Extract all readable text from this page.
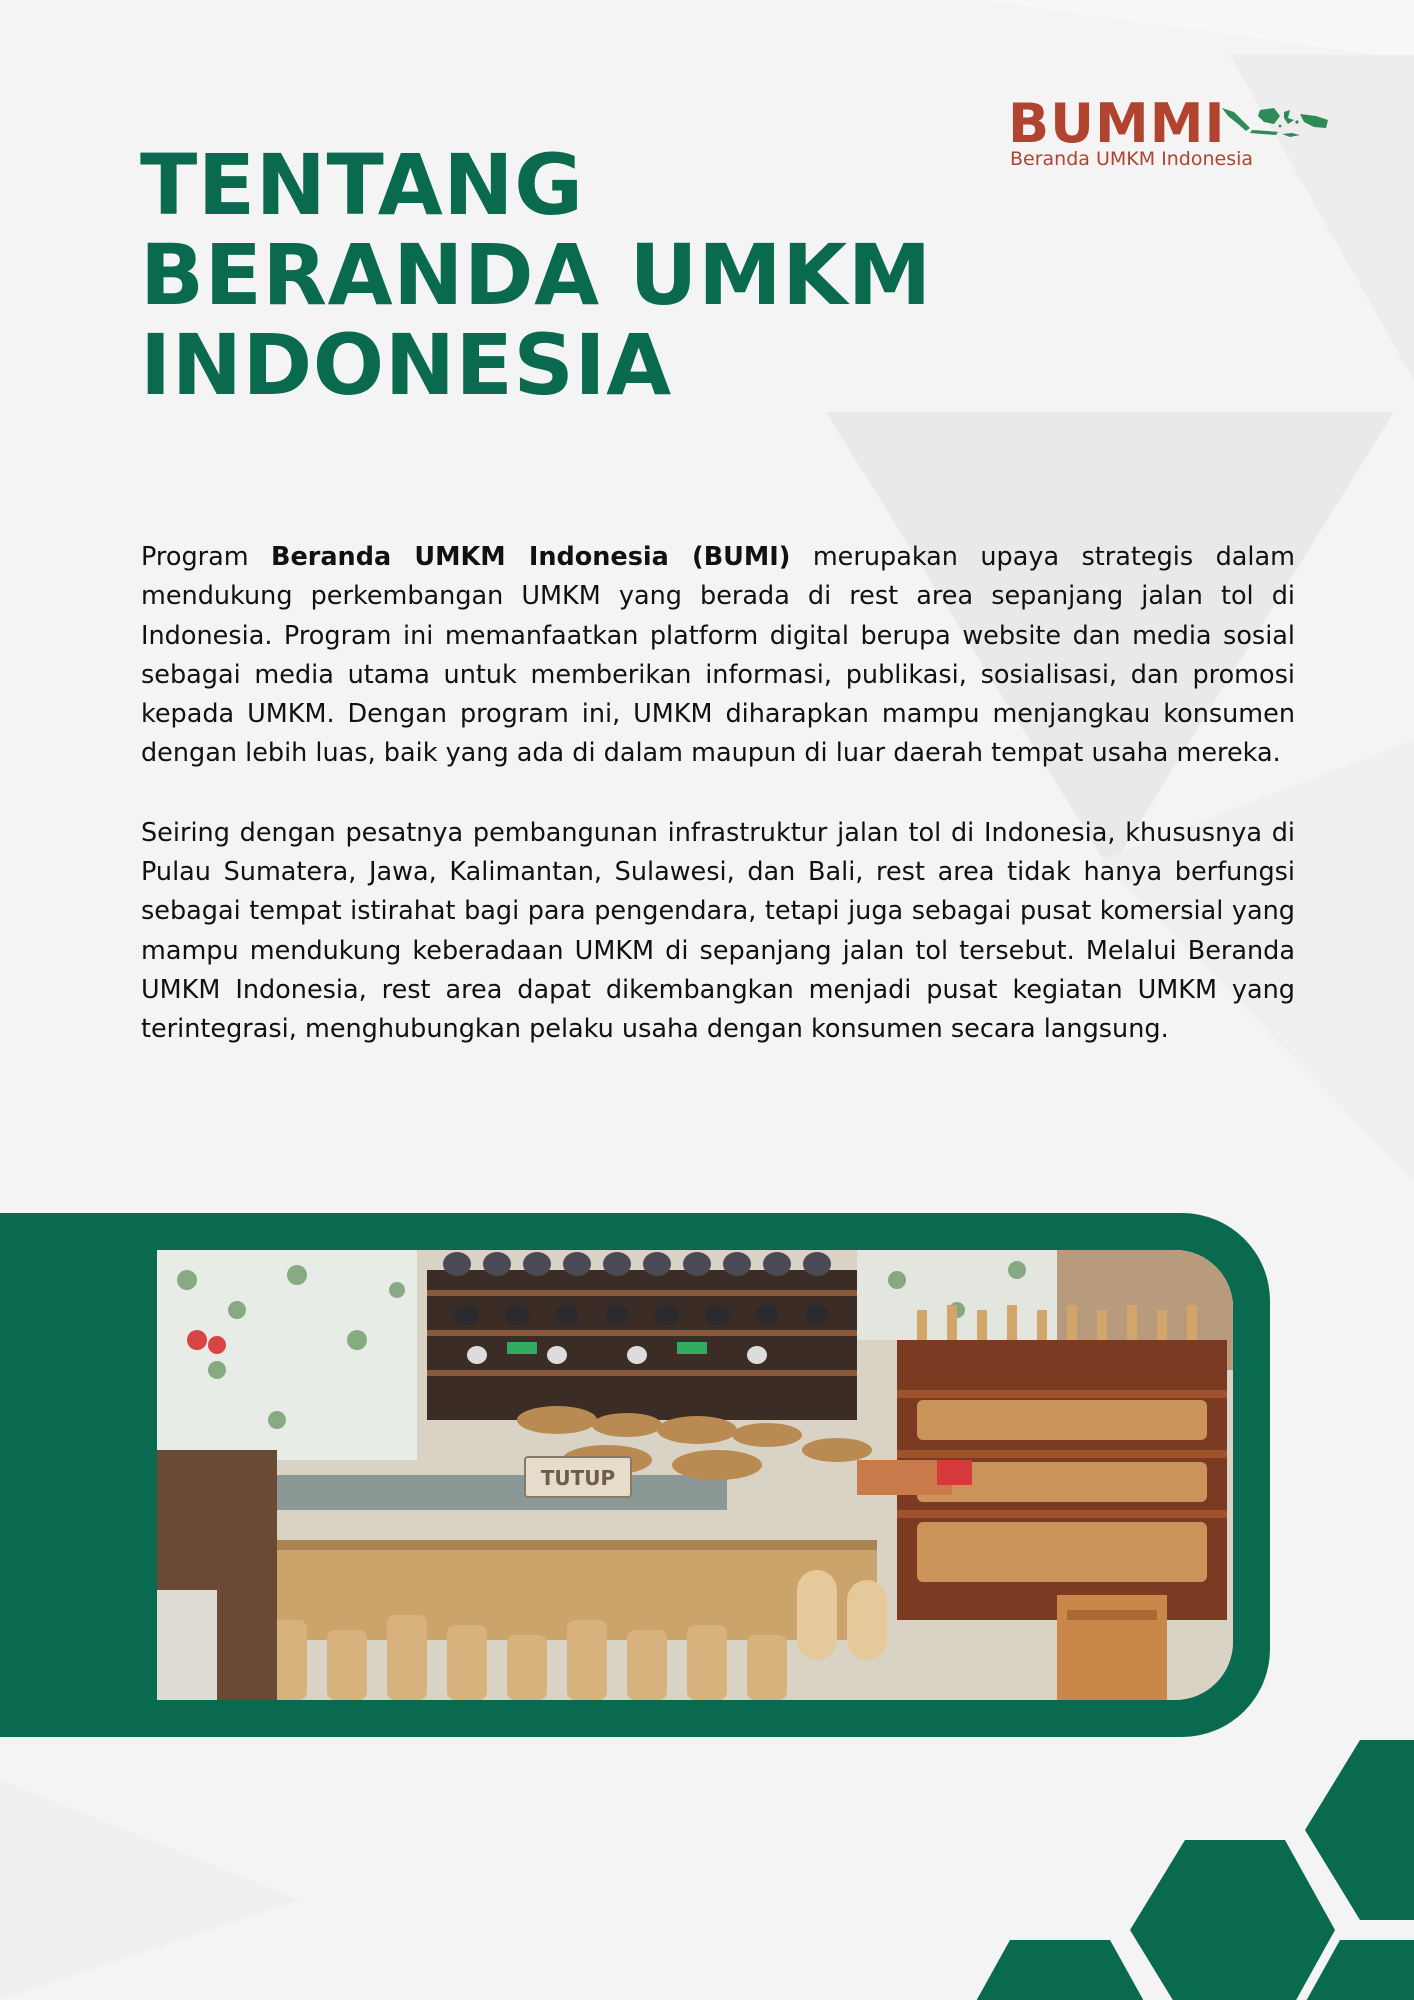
BUMMI
Beranda UMKM Indonesia
TENTANG
BERANDA UMKM
INDONESIA

Program Beranda UMKM Indonesia (BUMI) merupakan upaya strategis dalam mendukung perkembangan UMKM yang berada di rest area sepanjang jalan tol di Indonesia. Program ini memanfaatkan platform digital berupa website dan media sosial sebagai media utama untuk memberikan informasi, publikasi, sosialisasi, dan promosi kepada UMKM. Dengan program ini, UMKM diharapkan mampu menjangkau konsumen dengan lebih luas, baik yang ada di dalam maupun di luar daerah tempat usaha mereka.

Seiring dengan pesatnya pembangunan infrastruktur jalan tol di Indonesia, khususnya di Pulau Sumatera, Jawa, Kalimantan, Sulawesi, dan Bali, rest area tidak hanya berfungsi sebagai tempat istirahat bagi para pengendara, tetapi juga sebagai pusat komersial yang mampu mendukung keberadaan UMKM di sepanjang jalan tol tersebut. Melalui Beranda UMKM Indonesia, rest area dapat dikembangkan menjadi pusat kegiatan UMKM yang terintegrasi, menghubungkan pelaku usaha dengan konsumen secara langsung.

TUTUP
